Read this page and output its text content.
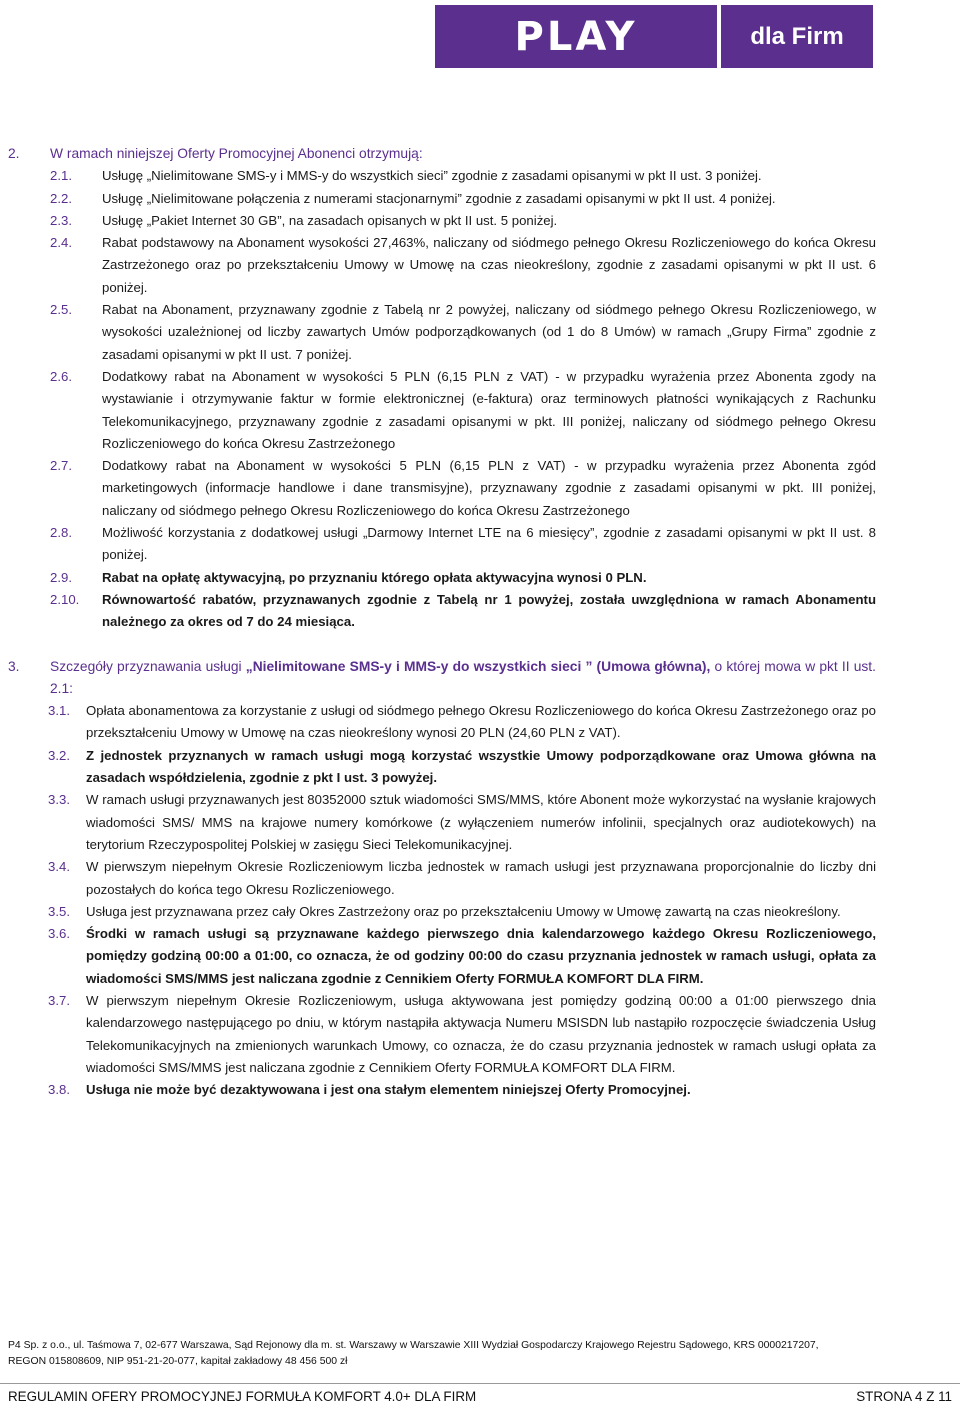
PLAY	dla Firm
2.	W ramach niniejszej Oferty Promocyjnej Abonenci otrzymują:
2.1.	Usługę „Nielimitowane SMS-y i MMS-y do wszystkich sieci” zgodnie z zasadami opisanymi w pkt II ust. 3 poniżej.
2.2.	Usługę „Nielimitowane połączenia z numerami stacjonarnymi” zgodnie z zasadami opisanymi w pkt II ust. 4 poniżej.
2.3.	Usługę „Pakiet Internet 30 GB”, na zasadach opisanych w pkt II ust. 5 poniżej.
2.4.	Rabat podstawowy na Abonament wysokości 27,463%, naliczany od siódmego pełnego Okresu Rozliczeniowego do końca Okresu Zastrzeżonego oraz po przekształceniu Umowy w Umowę na czas nieokreślony, zgodnie z zasadami opisanymi w pkt II ust. 6 poniżej.
2.5.	Rabat na Abonament, przyznawany zgodnie z Tabelą nr 2 powyżej, naliczany od siódmego pełnego Okresu Rozliczeniowego, w wysokości uzależnionej od liczby zawartych Umów podporządkowanych (od 1 do 8 Umów) w ramach „Grupy Firma” zgodnie z zasadami opisanymi w pkt II ust. 7 poniżej.
2.6.	Dodatkowy rabat na Abonament w wysokości 5 PLN (6,15 PLN z VAT) - w przypadku wyrażenia przez Abonenta zgody na wystawianie i otrzymywanie faktur w formie elektronicznej (e-faktura) oraz terminowych płatności wynikających z Rachunku Telekomunikacyjnego, przyznawany zgodnie z zasadami opisanymi w pkt. III poniżej, naliczany od siódmego pełnego Okresu Rozliczeniowego do końca Okresu Zastrzeżonego
2.7.	Dodatkowy rabat na Abonament w wysokości 5 PLN (6,15 PLN z VAT) - w przypadku wyrażenia przez Abonenta zgód marketingowych (informacje handlowe i dane transmisyjne), przyznawany zgodnie z zasadami opisanymi w pkt. III poniżej, naliczany od siódmego pełnego Okresu Rozliczeniowego do końca Okresu Zastrzeżonego
2.8.	Możliwość korzystania z dodatkowej usługi „Darmowy Internet LTE na 6 miesięcy”, zgodnie z zasadami opisanymi w pkt II ust. 8 poniżej.
2.9.	Rabat na opłatę aktywacyjną, po przyznaniu którego opłata aktywacyjna wynosi 0 PLN.
2.10.	Równowartość rabatów, przyznawanych zgodnie z Tabelą nr 1 powyżej, została uwzględniona w ramach Abonamentu należnego za okres od 7 do 24 miesiąca.
3.	Szczegóły przyznawania usługi „Nielimitowane SMS-y i MMS-y do wszystkich sieci ” (Umowa główna), o której mowa w pkt II ust. 2.1:
3.1.	Opłata abonamentowa za korzystanie z usługi od siódmego pełnego Okresu Rozliczeniowego do końca Okresu Zastrzeżonego oraz po przekształceniu Umowy w Umowę na czas nieokreślony wynosi 20 PLN (24,60 PLN z VAT).
3.2.	Z jednostek przyznanych w ramach usługi mogą korzystać wszystkie Umowy podporządkowane oraz Umowa główna na zasadach współdzielenia, zgodnie z pkt I ust. 3 powyżej.
3.3.	W ramach usługi przyznawanych jest 80352000 sztuk wiadomości SMS/MMS, które Abonent może wykorzystać na wysłanie krajowych wiadomości SMS/ MMS na krajowe numery komórkowe (z wyłączeniem numerów infolinii, specjalnych oraz audiotekowych) na terytorium Rzeczypospolitej Polskiej w zasięgu Sieci Telekomunikacyjnej.
3.4.	W pierwszym niepełnym Okresie Rozliczeniowym liczba jednostek w ramach usługi jest przyznawana proporcjonalnie do liczby dni pozostałych do końca tego Okresu Rozliczeniowego.
3.5.	Usługa jest przyznawana przez cały Okres Zastrzeżony oraz po przekształceniu Umowy w Umowę zawartą na czas nieokreślony.
3.6.	Środki w ramach usługi są przyznawane każdego pierwszego dnia kalendarzowego każdego Okresu Rozliczeniowego, pomiędzy godziną 00:00 a 01:00, co oznacza, że od godziny 00:00 do czasu przyznania jednostek w ramach usługi, opłata za wiadomości SMS/MMS jest naliczana zgodnie z Cennikiem Oferty FORMUŁA KOMFORT DLA FIRM.
3.7.	W pierwszym niepełnym Okresie Rozliczeniowym, usługa aktywowana jest pomiędzy godziną 00:00 a 01:00 pierwszego dnia kalendarzowego następującego po dniu, w którym nastąpiła aktywacja Numeru MSISDN lub nastąpiło rozpoczęcie świadczenia Usług Telekomunikacyjnych na zmienionych warunkach Umowy, co oznacza, że do czasu przyznania jednostek w ramach usługi opłata za wiadomości SMS/MMS jest naliczana zgodnie z Cennikiem Oferty FORMUŁA KOMFORT DLA FIRM.
3.8.	Usługa nie może być dezaktywowana i jest ona stałym elementem niniejszej Oferty Promocyjnej.
P4 Sp. z o.o., ul. Taśmowa 7, 02-677 Warszawa, Sąd Rejonowy dla m. st. Warszawy w Warszawie XIII Wydział Gospodarczy Krajowego Rejestru Sądowego, KRS 0000217207,
REGON 015808609, NIP 951-21-20-077, kapitał zakładowy 48 456 500 zł
REGULAMIN OFERY PROMOCYJNEJ FORMUŁA KOMFORT 4.0+ DLA FIRM	STRONA 4 Z 11
